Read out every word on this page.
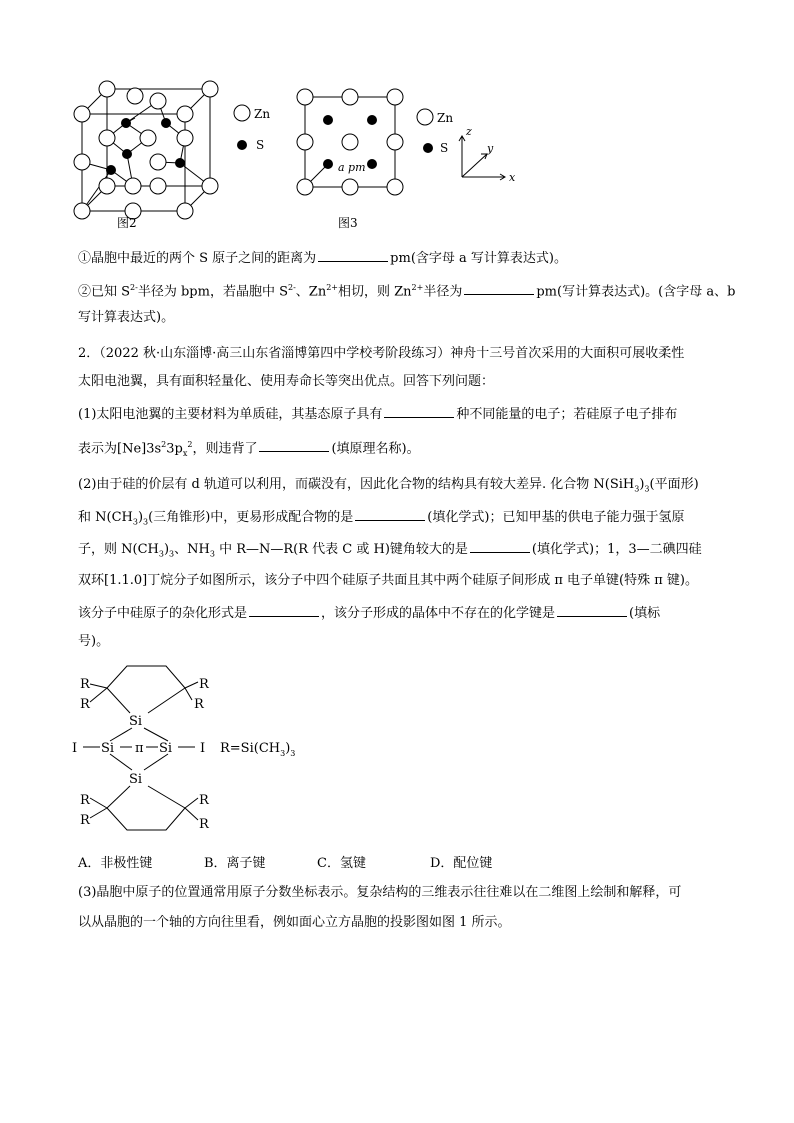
Zn
S
图2
a pm
Zn
S
z
y
x
图3
①晶胞中最近的两个 S 原子之间的距离为	pm(含字母 a 写计算表达式)。
②已知 $S^{2-}$半径为 bpm，若晶胞中 $S^{2-}$、$Zn^{2+}$相切，则 $Zn^{2+}$半径为	pm(写计算表达式)。(含字母 a、b
写计算表达式)。
2．（2022 秋·山东淄博·高三山东省淄博第四中学校考阶段练习）神舟十三号首次采用的大面积可展收柔性
太阳电池翼，具有面积轻量化、使用寿命长等突出优点。回答下列问题：
(1)太阳电池翼的主要材料为单质硅，其基态原子具有	种不同能量的电子；若硅原子电子排布
表示为$[Ne]3s^23p_x^2$，则违背了	(填原理名称)。
(2)由于硅的价层有 d 轨道可以利用，而碳没有，因此化合物的结构具有较大差异. 化合物 $N(SiH_3)_3$(平面形)
和 $N(CH_3)_3$(三角锥形)中，更易形成配合物的是	(填化学式)；已知甲基的供电子能力强于氢原
子，则 $N(CH_3)_3$、$NH_3$ 中 R—N—R(R 代表 C 或 H)键角较大的是	(填化学式)；1，3—二碘四硅
双环[1.1.0]丁烷分子如图所示，该分子中四个硅原子共面且其中两个硅原子间形成 π 电子单键(特殊 π 键)。
该分子中硅原子的杂化形式是	，该分子形成的晶体中不存在的化学键是	(填标
号)。
R
R
R
R
Si
I Si π Si I $R=Si(CH_3)_3$
Si
R
R
R
R
A．非极性键	B．离子键	C．氢键	D．配位键
(3)晶胞中原子的位置通常用原子分数坐标表示。复杂结构的三维表示往往难以在二维图上绘制和解释，可
以从晶胞的一个轴的方向往里看，例如面心立方晶胞的投影图如图 1 所示。
